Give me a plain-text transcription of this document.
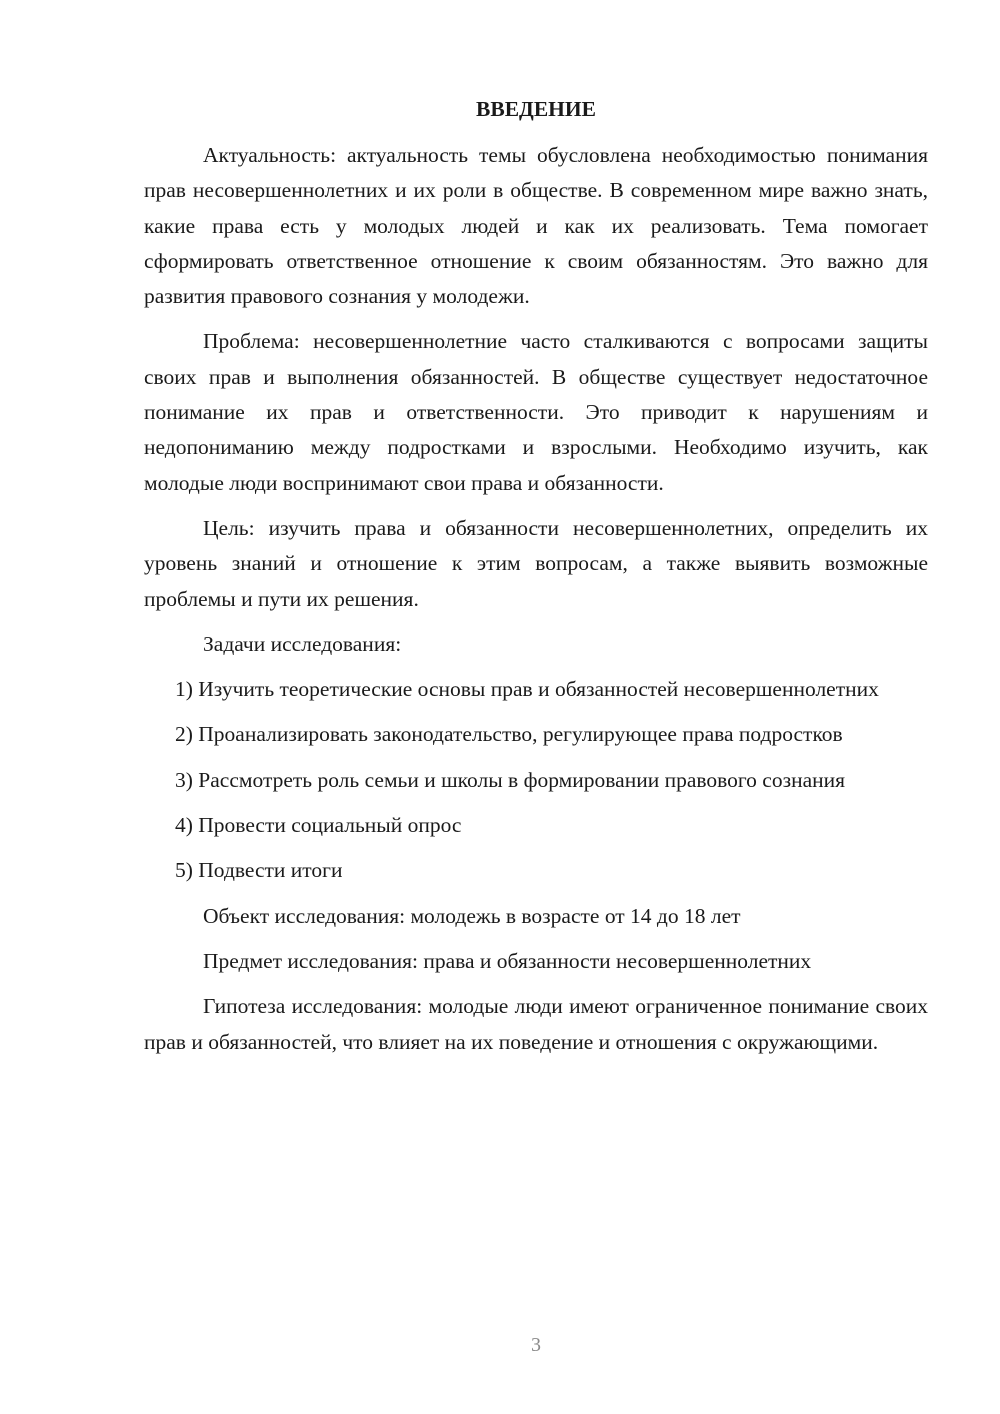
ВВЕДЕНИЕ

Актуальность: актуальность темы обусловлена необходимостью понимания прав несовершеннолетних и их роли в обществе. В современном мире важно знать, какие права есть у молодых людей и как их реализовать. Тема помогает сформировать ответственное отношение к своим обязанностям. Это важно для развития правового сознания у молодежи.

Проблема: несовершеннолетние часто сталкиваются с вопросами защиты своих прав и выполнения обязанностей. В обществе существует недостаточное понимание их прав и ответственности. Это приводит к нарушениям и недопониманию между подростками и взрослыми. Необходимо изучить, как молодые люди воспринимают свои права и обязанности.

Цель: изучить права и обязанности несовершеннолетних, определить их уровень знаний и отношение к этим вопросам, а также выявить возможные проблемы и пути их решения.

Задачи исследования:

1) Изучить теоретические основы прав и обязанностей несовершеннолетних

2) Проанализировать законодательство, регулирующее права подростков

3) Рассмотреть роль семьи и школы в формировании правового сознания

4) Провести социальный опрос

5) Подвести итоги

Объект исследования: молодежь в возрасте от 14 до 18 лет

Предмет исследования: права и обязанности несовершеннолетних

Гипотеза исследования: молодые люди имеют ограниченное понимание своих прав и обязанностей, что влияет на их поведение и отношения с окружающими.

3
